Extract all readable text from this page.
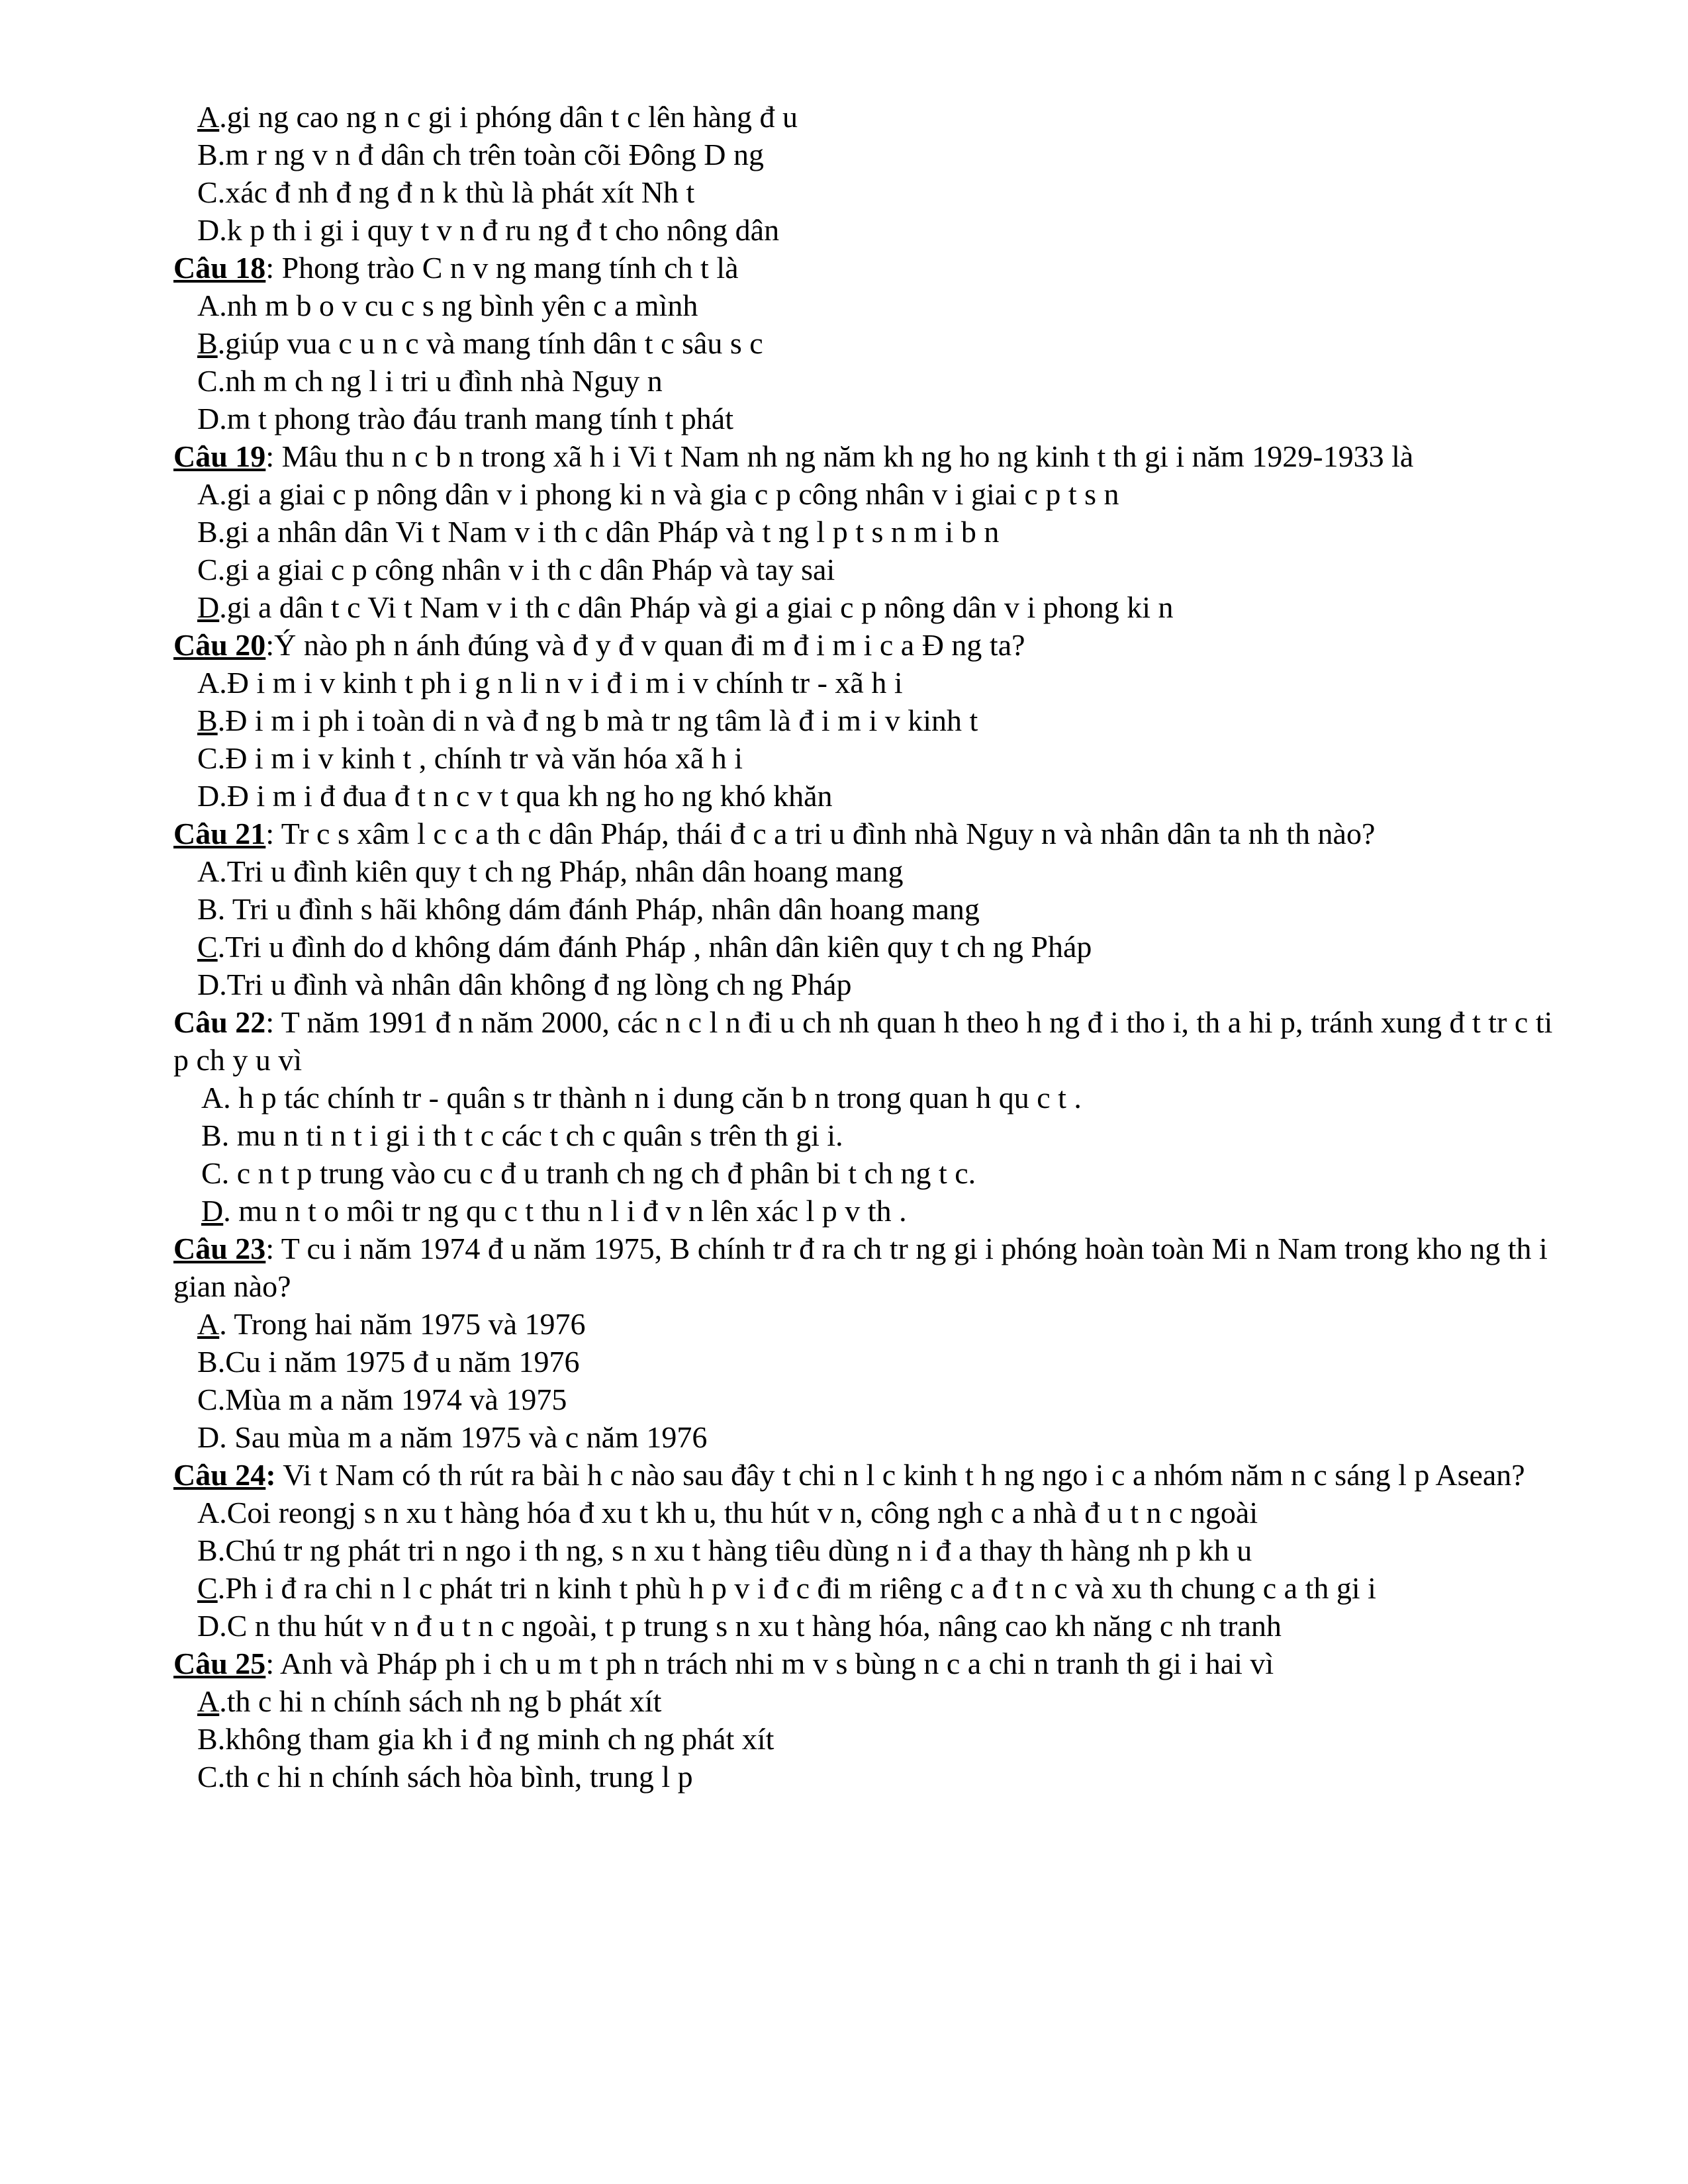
A.gi ng cao ng n c gi i phóng dân t c lên hàng đ u
B.m r ng v n đ dân ch trên toàn cõi Đông D ng
C.xác đ nh đ ng đ n k thù là phát xít Nh t
D.k p th i gi i quy t v n đ ru ng đ t cho nông dân
Câu 18: Phong trào C n v ng mang tính ch t là
A.nh m b o v cu c s ng bình yên c a mình
B.giúp vua c u n c và mang tính dân t c sâu s c
C.nh m ch ng l i tri u đình nhà Nguy n
D.m t phong trào đáu tranh mang tính t phát
Câu 19: Mâu thu n c b n trong xã h i Vi t Nam nh ng năm kh ng ho ng kinh t th gi i năm 1929-1933 là
A.gi a giai c p nông dân v i phong ki n và gia c p công nhân v i giai c p t s n
B.gi a nhân dân Vi t Nam v i th c dân Pháp và t ng l p t s n m i b n
C.gi a giai c p công nhân v i th c dân Pháp và tay sai
D.gi a dân t c Vi t Nam v i th c dân Pháp và gi a giai c p nông dân v i phong ki n
Câu 20:Ý nào ph n ánh đúng và đ y đ v quan đi m đ i m i c a Đ ng ta?
A.Đ i m i v kinh t ph i g n li n v i đ i m i v chính tr - xã h i
B.Đ i m i ph i toàn di n và đ ng b mà tr ng tâm là đ i m i v kinh t
C.Đ i m i v kinh t , chính tr và văn hóa xã h i
D.Đ i m i đ đua đ t n c v t qua kh ng ho ng khó khăn
Câu 21: Tr c s xâm l c c a th c dân Pháp, thái đ c a tri u đình nhà Nguy n và nhân dân ta nh th nào?
A.Tri u đình kiên quy t ch ng Pháp, nhân dân hoang mang
B. Tri u đình s hãi không dám đánh Pháp, nhân dân hoang mang
C.Tri u đình do d không dám đánh Pháp , nhân dân kiên quy t ch ng Pháp
D.Tri u đình và nhân dân không đ ng lòng ch ng Pháp
Câu 22: T năm 1991 đ n năm 2000, các n c l n đi u ch nh quan h theo h ng đ i tho i, th a hi p, tránh xung đ t tr c ti p ch y u vì
A. h p tác chính tr - quân s tr thành n i dung căn b n trong quan h qu c t .
B. mu n ti n t i gi i th t c các t ch c quân s trên th gi i.
C. c n t p trung vào cu c đ u tranh ch ng ch đ phân bi t ch ng t c.
D. mu n t o môi tr ng qu c t thu n l i đ v n lên xác l p v th .
Câu 23: T cu i năm 1974 đ u năm 1975, B chính tr đ ra ch tr ng gi i phóng hoàn toàn Mi n Nam trong kho ng th i gian nào?
A. Trong hai năm 1975 và 1976
B.Cu i năm 1975 đ u năm 1976
C.Mùa m a năm 1974 và 1975
D. Sau mùa m a năm 1975 và c năm 1976
Câu 24: Vi t Nam có th rút ra bài h c nào sau đây t chi n l c kinh t h ng ngo i c a nhóm năm n c sáng l p Asean?
A.Coi reongj s n xu t hàng hóa đ xu t kh u, thu hút v n, công ngh c a nhà đ u t n c ngoài
B.Chú tr ng phát tri n ngo i th ng, s n xu t hàng tiêu dùng n i đ a thay th hàng nh p kh u
C.Ph i đ ra chi n l c phát tri n kinh t phù h p v i đ c đi m riêng c a đ t n c và xu th chung c a th gi i
D.C n thu hút v n đ u t n c ngoài, t p trung s n xu t hàng hóa, nâng cao kh năng c nh tranh
Câu 25: Anh và Pháp ph i ch u m t ph n trách nhi m v s bùng n c a chi n tranh th gi i hai vì
A.th c hi n chính sách nh ng b phát xít
B.không tham gia kh i đ ng minh ch ng phát xít
C.th c hi n chính sách hòa bình, trung l p
